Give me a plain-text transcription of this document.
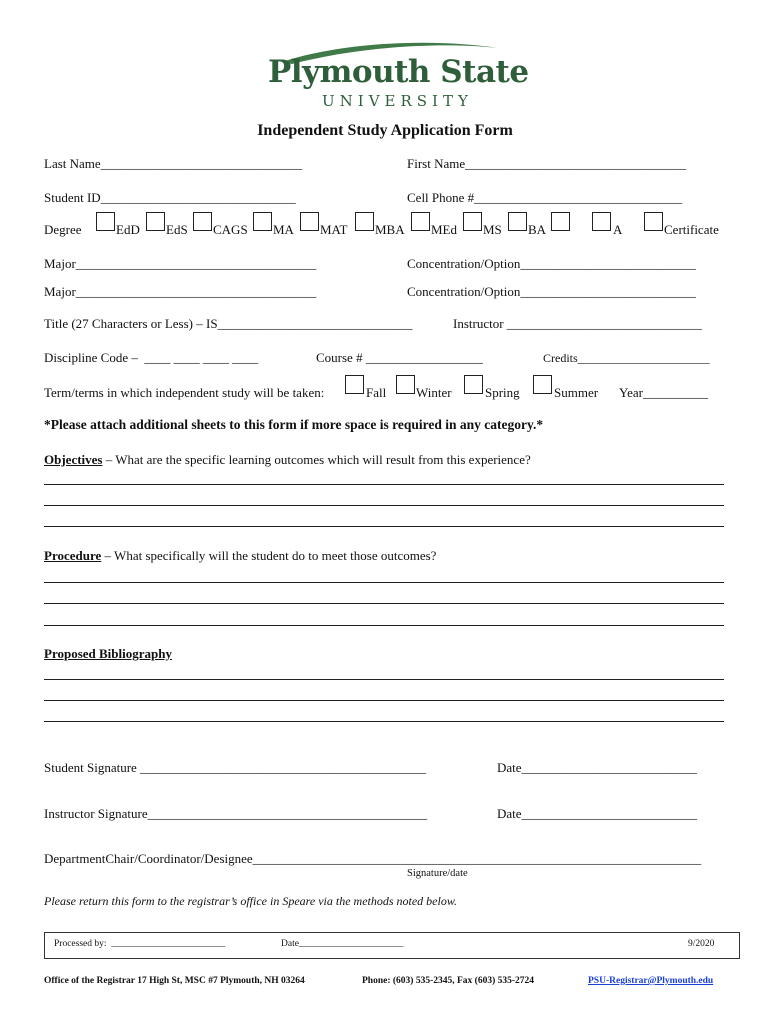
Plymouth State

UNIVERSITY

Independent Study Application Form
Last Name_______________________________	First Name__________________________________
Student ID______________________________	Cell Phone #________________________________
Degree	EdD EdS CAGS MA MAT MBA MEd MS BA	A	Certificate
Major_____________________________________	Concentration/Option___________________________
Major_____________________________________	Concentration/Option___________________________
Title (27 Characters or Less) – IS______________________________	Instructor ______________________________
Discipline Code –  ____ ____ ____ ____	Course # __________________	Credits______________________
Term/terms in which independent study will be taken:	Fall Winter	Spring	Summer Year__________
*Please attach additional sheets to this form if more space is required in any category.*
Objectives – What are the specific learning outcomes which will result from this experience?
Procedure – What specifically will the student do to meet those outcomes?
Proposed Bibliography
Student Signature ____________________________________________	Date___________________________
Instructor Signature___________________________________________	Date___________________________
DepartmentChair/Coordinator/Designee_____________________________________________________________________
Signature/date
Please return this form to the registrar’s office in Speare via the methods noted below.
Processed by:  ________________________	Date______________________	9/2020
Office of the Registrar 17 High St, MSC #7 Plymouth, NH 03264	Phone: (603) 535-2345, Fax (603) 535-2724	PSU-Registrar@Plymouth.edu
